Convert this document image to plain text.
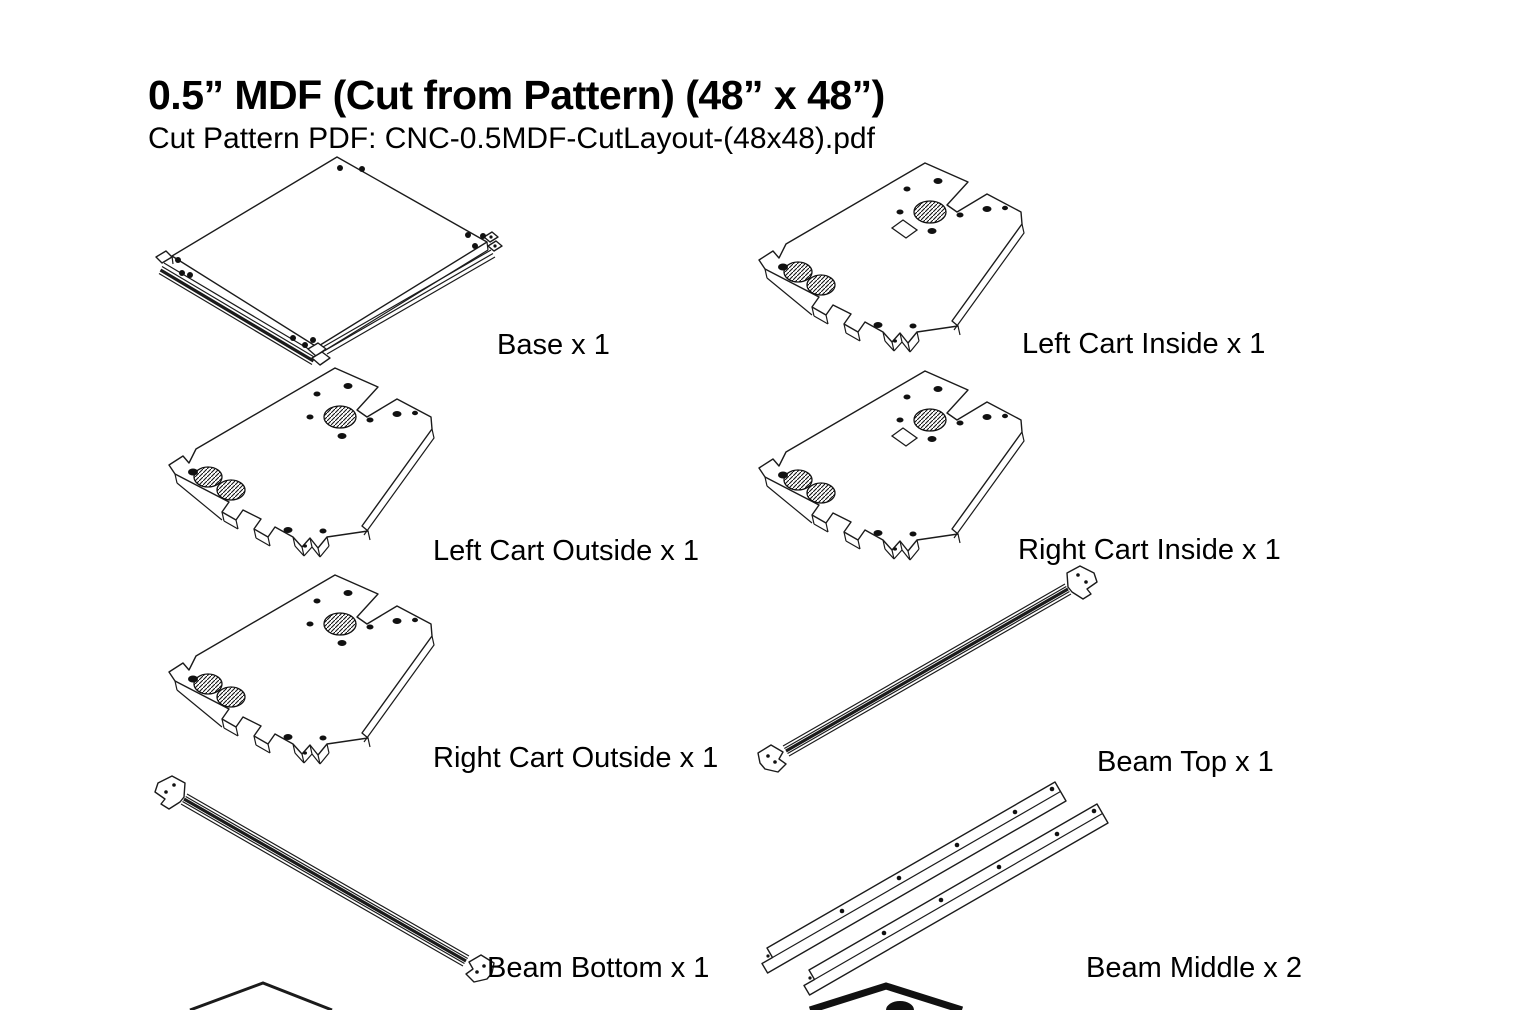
0.5” MDF (Cut from Pattern) (48” x 48”)
Cut Pattern PDF: CNC-0.5MDF-CutLayout-(48x48).pdf
Base x 1	Left Cart Inside x 1
Left Cart Outside x 1	Right Cart Inside x 1
Right Cart Outside x 1	Beam Top x 1
Beam Bottom x 1	Beam Middle x 2
